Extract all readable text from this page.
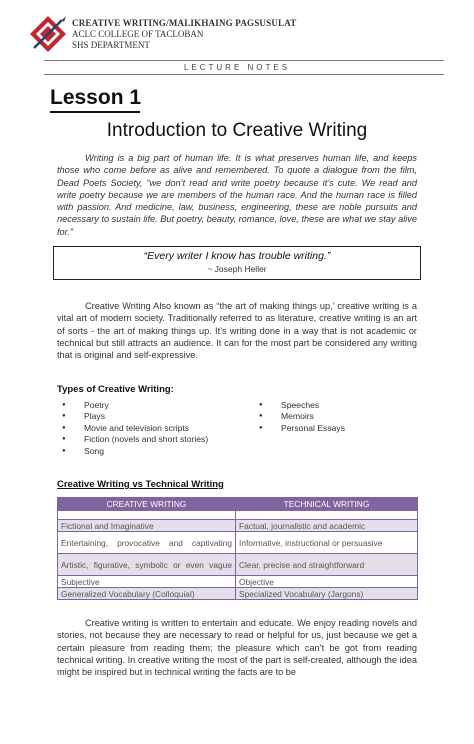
CREATIVE WRITING/MALIKHAING PAGSUSULAT
ACLC COLLEGE OF TACLOBAN
SHS DEPARTMENT
LECTURE NOTES
Lesson 1
Introduction to Creative Writing
Writing is a big part of human life. It is what preserves human life, and keeps those who come before as alive and remembered. To quote a dialogue from the film, Dead Poets Society, “we don’t read and write poetry because it’s cute. We read and write poetry because we are members of the human race. And the human race is filled with passion. And medicine, law, business, engineering, these are noble pursuits and necessary to sustain life. But poetry, beauty, romance, love, these are what we stay alive for.”
“Every writer I know has trouble writing.”
~ Joseph Heller
Creative Writing Also known as “the art of making things up,’ creative writing is a vital art of modern society. Traditionally referred to as literature, creative writing is an art of sorts - the art of making things up. It’s writing done in a way that is not academic or technical but still attracts an audience. It can for the most part be considered any writing that is original and self-expressive.
Types of Creative Writing:
● Poetry
● Plays
● Movie and television scripts
● Fiction (novels and short stories)
● Song
● Speeches
● Memoirs
● Personal Essays
Creative Writing vs Technical Writing
CREATIVE WRITING	TECHNICAL WRITING

Fictional and Imaginative	Factual, journalistic and academic
Entertaining, provocative and captivating	Informative, instructional or persuasive
Artistic, figurative, symbolic or even vague	Clear, precise and straightforward
Subjective	Objective
Generalized Vocabulary (Colloquial)	Specialized Vocabulary (Jargons)
Creative writing is written to entertain and educate. We enjoy reading novels and stories, not because they are necessary to read or helpful for us, just because we get a certain pleasure from reading them; the pleasure which can’t be got from reading technical writing. In creative writing the most of the part is self-created, although the idea might be inspired but in technical writing the facts are to be
